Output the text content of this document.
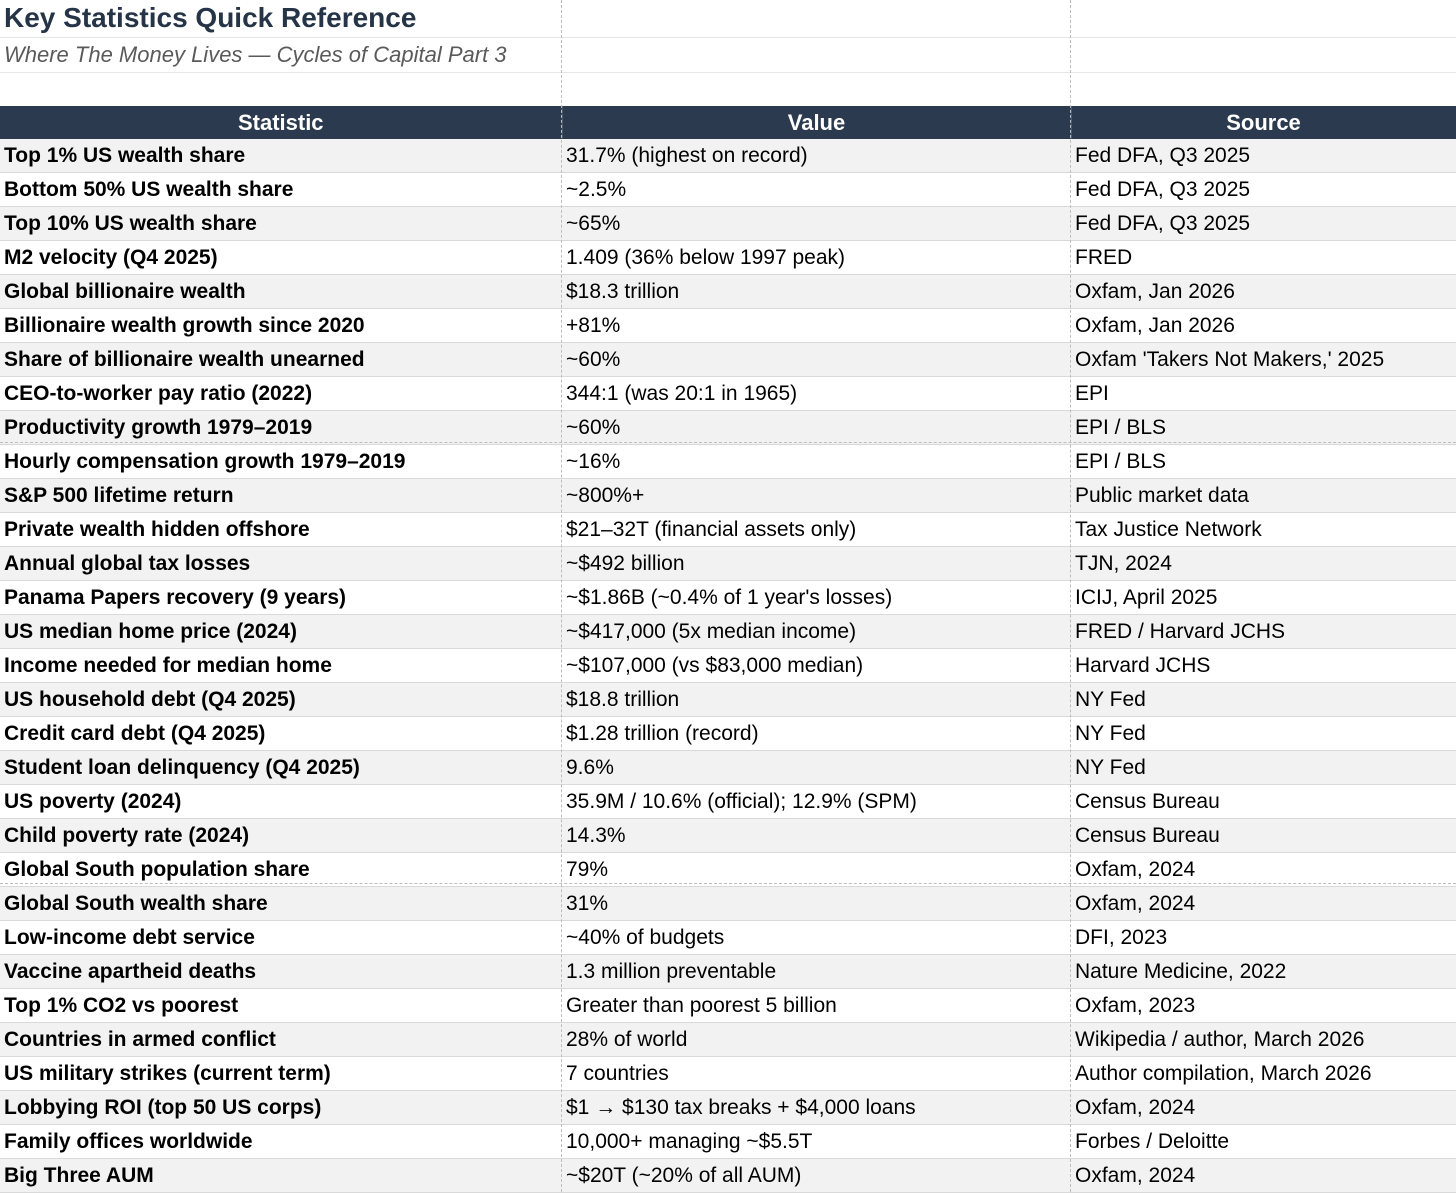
Key Statistics Quick Reference
Where The Money Lives — Cycles of Capital Part 3
Statistic	Value	Source
Top 1% US wealth share	31.7% (highest on record)	Fed DFA, Q3 2025
Bottom 50% US wealth share	~2.5%	Fed DFA, Q3 2025
Top 10% US wealth share	~65%	Fed DFA, Q3 2025
M2 velocity (Q4 2025)	1.409 (36% below 1997 peak)	FRED
Global billionaire wealth	$18.3 trillion	Oxfam, Jan 2026
Billionaire wealth growth since 2020	+81%	Oxfam, Jan 2026
Share of billionaire wealth unearned	~60%	Oxfam 'Takers Not Makers,' 2025
CEO-to-worker pay ratio (2022)	344:1 (was 20:1 in 1965)	EPI
Productivity growth 1979–2019	~60%	EPI / BLS
Hourly compensation growth 1979–2019	~16%	EPI / BLS
S&P 500 lifetime return	~800%+	Public market data
Private wealth hidden offshore	$21–32T (financial assets only)	Tax Justice Network
Annual global tax losses	~$492 billion	TJN, 2024
Panama Papers recovery (9 years)	~$1.86B (~0.4% of 1 year's losses)	ICIJ, April 2025
US median home price (2024)	~$417,000 (5x median income)	FRED / Harvard JCHS
Income needed for median home	~$107,000 (vs $83,000 median)	Harvard JCHS
US household debt (Q4 2025)	$18.8 trillion	NY Fed
Credit card debt (Q4 2025)	$1.28 trillion (record)	NY Fed
Student loan delinquency (Q4 2025)	9.6%	NY Fed
US poverty (2024)	35.9M / 10.6% (official); 12.9% (SPM)	Census Bureau
Child poverty rate (2024)	14.3%	Census Bureau
Global South population share	79%	Oxfam, 2024
Global South wealth share	31%	Oxfam, 2024
Low-income debt service	~40% of budgets	DFI, 2023
Vaccine apartheid deaths	1.3 million preventable	Nature Medicine, 2022
Top 1% CO2 vs poorest	Greater than poorest 5 billion	Oxfam, 2023
Countries in armed conflict	28% of world	Wikipedia / author, March 2026
US military strikes (current term)	7 countries	Author compilation, March 2026
Lobbying ROI (top 50 US corps)	$1 → $130 tax breaks + $4,000 loans	Oxfam, 2024
Family offices worldwide	10,000+ managing ~$5.5T	Forbes / Deloitte
Big Three AUM	~$20T (~20% of all AUM)	Oxfam, 2024
